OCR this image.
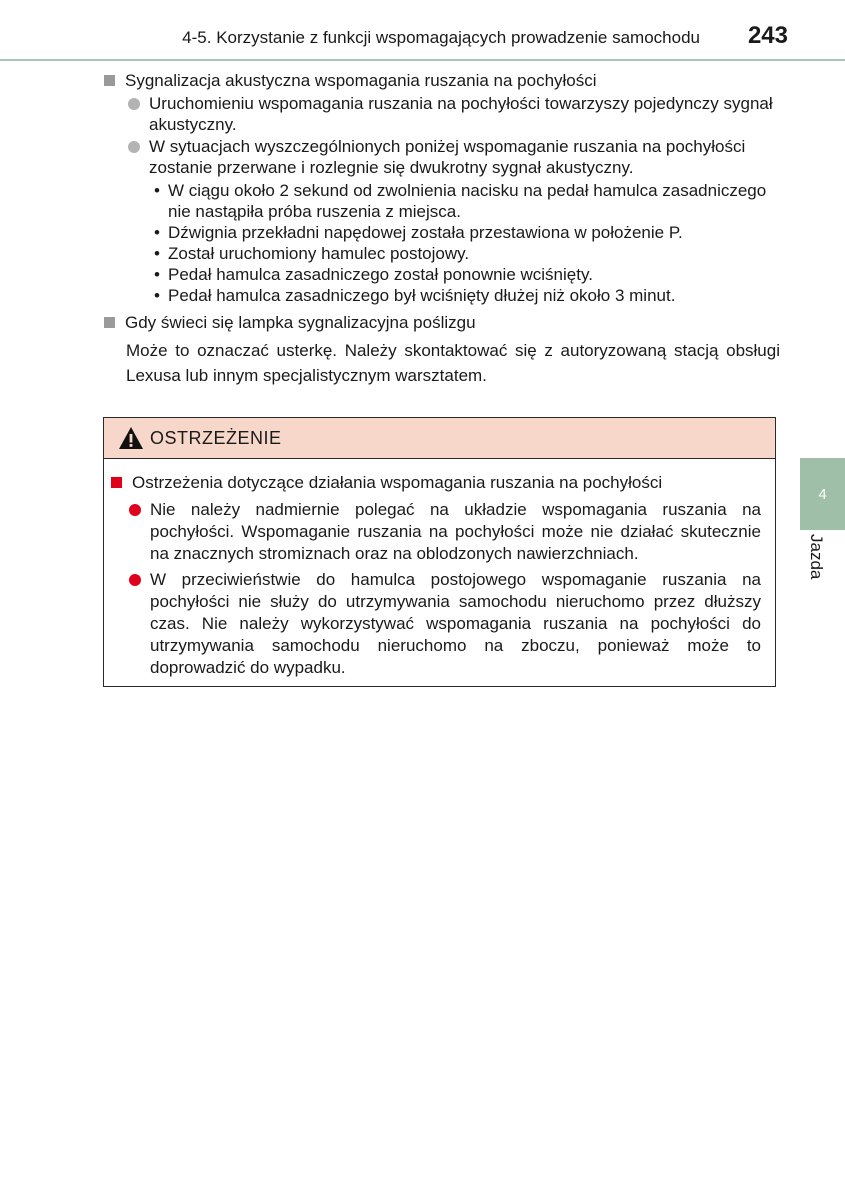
4-5. Korzystanie z funkcji wspomagających prowadzenie samochodu 243
4
Jazda
Sygnalizacja akustyczna wspomagania ruszania na pochyłości
Uruchomieniu wspomagania ruszania na pochyłości towarzyszy pojedynczy sygnał akustyczny.
W sytuacjach wyszczególnionych poniżej wspomaganie ruszania na pochyłości zostanie przerwane i rozlegnie się dwukrotny sygnał akustyczny.
• W ciągu około 2 sekund od zwolnienia nacisku na pedał hamulca zasadniczego nie nastąpiła próba ruszenia z miejsca.
• Dźwignia przekładni napędowej została przestawiona w położenie P.
• Został uruchomiony hamulec postojowy.
• Pedał hamulca zasadniczego został ponownie wciśnięty.
• Pedał hamulca zasadniczego był wciśnięty dłużej niż około 3 minut.
Gdy świeci się lampka sygnalizacyjna poślizgu
Może to oznaczać usterkę. Należy skontaktować się z autoryzowaną stacją obsługi Lexusa lub innym specjalistycznym warsztatem.
OSTRZEŻENIE
Ostrzeżenia dotyczące działania wspomagania ruszania na pochyłości
Nie należy nadmiernie polegać na układzie wspomagania ruszania na pochyłości. Wspomaganie ruszania na pochyłości może nie działać skutecznie na znacznych stromiznach oraz na oblodzonych nawierzchniach.
W przeciwieństwie do hamulca postojowego wspomaganie ruszania na pochyłości nie służy do utrzymywania samochodu nieruchomo przez dłuższy czas. Nie należy wykorzystywać wspomagania ruszania na pochyłości do utrzymywania samochodu nieruchomo na zboczu, ponieważ może to doprowadzić do wypadku.
